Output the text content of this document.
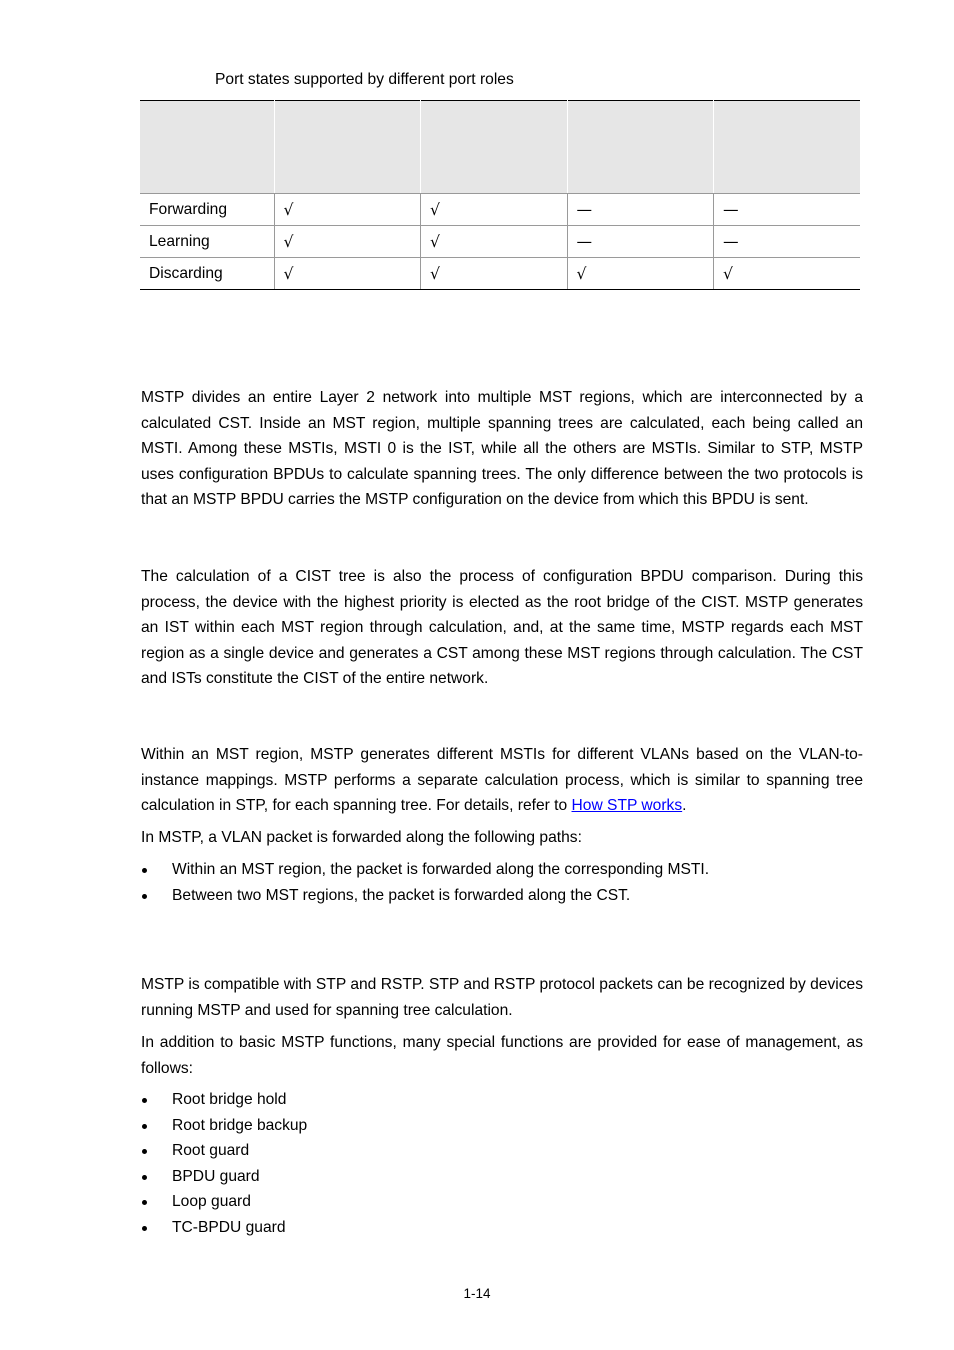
Port states supported by different port roles

Forwarding	√	√	—	—
Learning	√	√	—	—
Discarding	√	√	√	√

MSTP divides an entire Layer 2 network into multiple MST regions, which are interconnected by a calculated CST. Inside an MST region, multiple spanning trees are calculated, each being called an MSTI. Among these MSTIs, MSTI 0 is the IST, while all the others are MSTIs. Similar to STP, MSTP uses configuration BPDUs to calculate spanning trees. The only difference between the two protocols is that an MSTP BPDU carries the MSTP configuration on the device from which this BPDU is sent.

The calculation of a CIST tree is also the process of configuration BPDU comparison. During this process, the device with the highest priority is elected as the root bridge of the CIST. MSTP generates an IST within each MST region through calculation, and, at the same time, MSTP regards each MST region as a single device and generates a CST among these MST regions through calculation. The CST and ISTs constitute the CIST of the entire network.

Within an MST region, MSTP generates different MSTIs for different VLANs based on the VLAN-to-instance mappings. MSTP performs a separate calculation process, which is similar to spanning tree calculation in STP, for each spanning tree. For details, refer to How STP works.

In MSTP, a VLAN packet is forwarded along the following paths:

Within an MST region, the packet is forwarded along the corresponding MSTI.
Between two MST regions, the packet is forwarded along the CST.

MSTP is compatible with STP and RSTP. STP and RSTP protocol packets can be recognized by devices running MSTP and used for spanning tree calculation.

In addition to basic MSTP functions, many special functions are provided for ease of management, as follows:

Root bridge hold
Root bridge backup
Root guard
BPDU guard
Loop guard
TC-BPDU guard
1-14
